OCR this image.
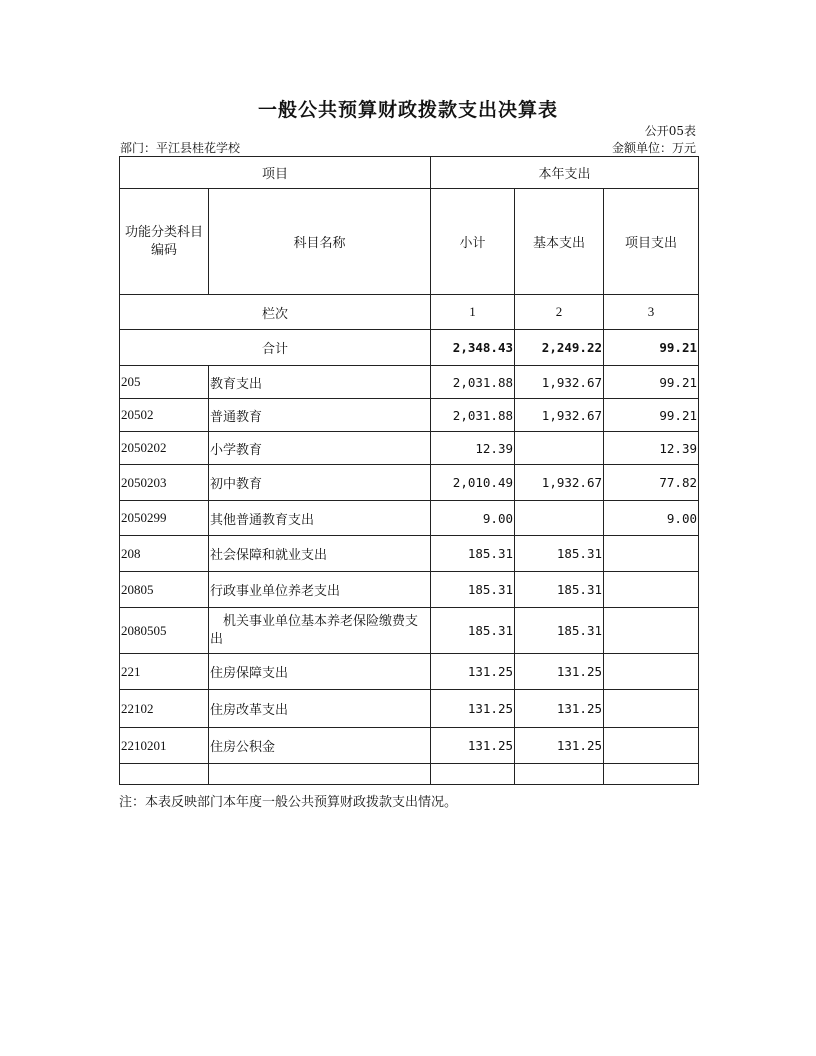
一般公共预算财政拨款支出决算表
公开05表
部门：平江县桂花学校	金额单位：万元
项目		本年支出		
功能分类科目编码	科目名称	小计	基本支出	项目支出
栏次		1	2	3
合计		2,348.43	2,249.22	99.21
205	教育支出	2,031.88	1,932.67	99.21
20502	普通教育	2,031.88	1,932.67	99.21
2050202	小学教育	12.39		12.39
2050203	初中教育	2,010.49	1,932.67	77.82
2050299	其他普通教育支出	9.00		9.00
208	社会保障和就业支出	185.31	185.31	
20805	行政事业单位养老支出	185.31	185.31	
2080505	机关事业单位基本养老保险缴费支出	185.31	185.31	
221	住房保障支出	131.25	131.25	
22102	住房改革支出	131.25	131.25	
2210201	住房公积金	131.25	131.25	

注：本表反映部门本年度一般公共预算财政拨款支出情况。
